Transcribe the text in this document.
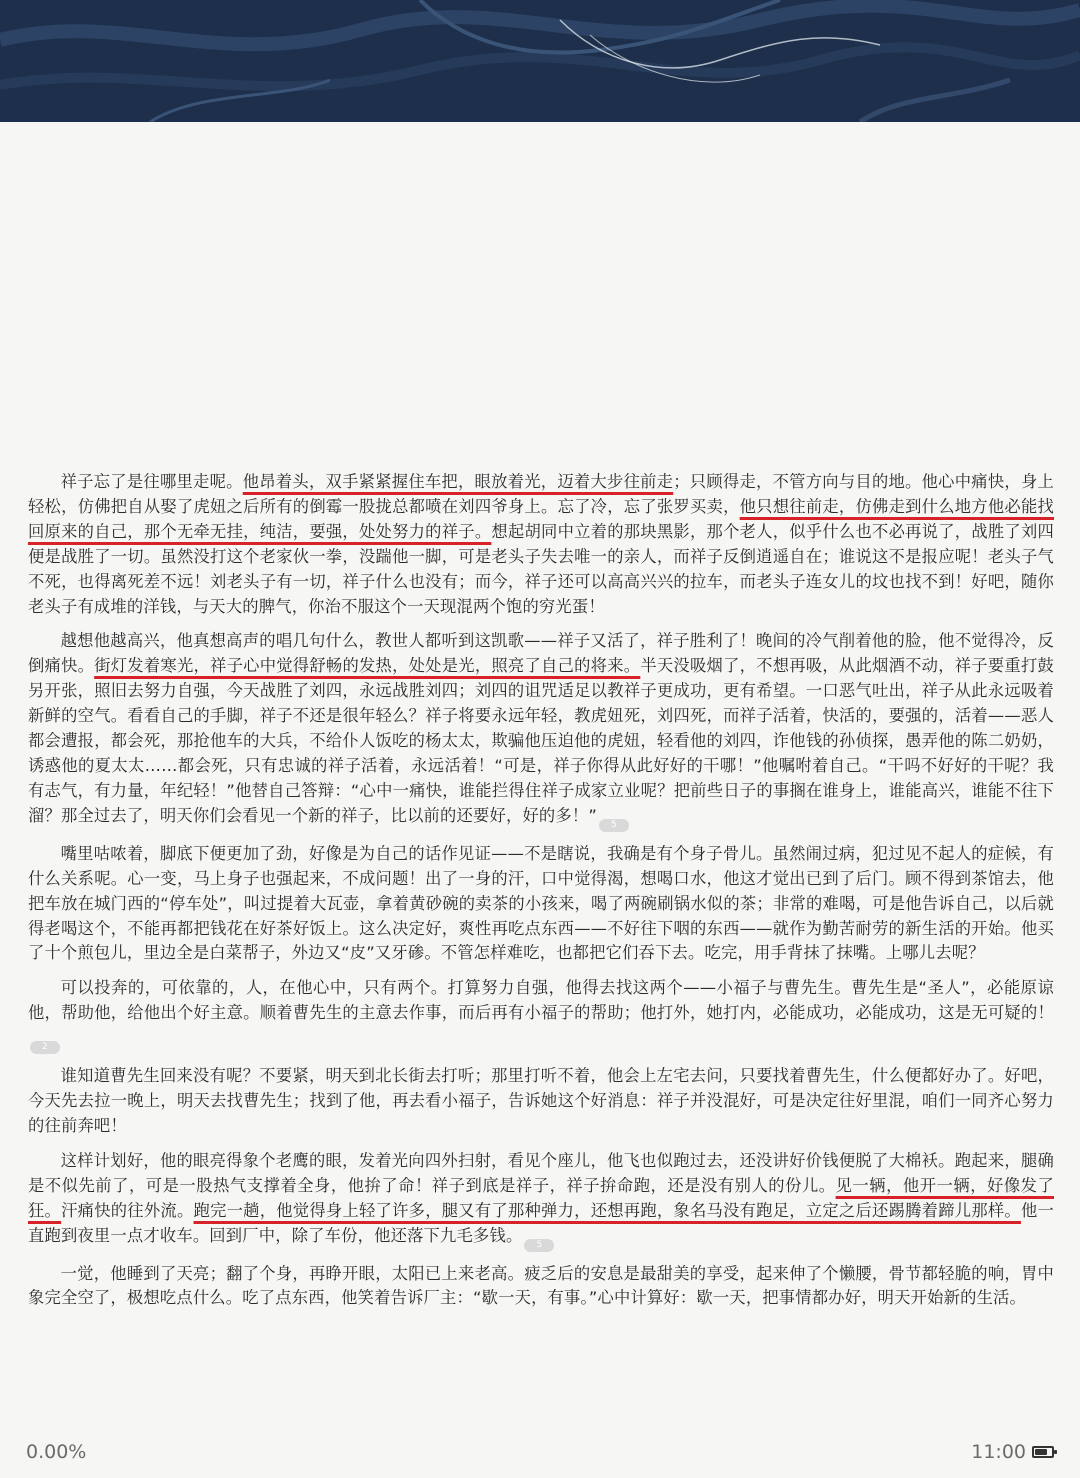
祥子忘了是往哪里走呢。他昂着头，双手紧紧握住车把，眼放着光，迈着大步往前走；只顾得走，不管方向与目的地。他心中痛快，身上轻松，仿佛把自从娶了虎妞之后所有的倒霉一股拢总都喷在刘四爷身上。忘了冷，忘了张罗买卖，他只想往前走，仿佛走到什么地方他必能找回原来的自己，那个无牵无挂，纯洁，要强，处处努力的祥子。想起胡同中立着的那块黑影，那个老人，似乎什么也不必再说了，战胜了刘四便是战胜了一切。虽然没打这个老家伙一拳，没踹他一脚，可是老头子失去唯一的亲人，而祥子反倒逍遥自在；谁说这不是报应呢！老头子气不死，也得离死差不远！刘老头子有一切，祥子什么也没有；而今，祥子还可以高高兴兴的拉车，而老头子连女儿的坟也找不到！好吧，随你老头子有成堆的洋钱，与天大的脾气，你治不服这个一天现混两个饱的穷光蛋！

越想他越高兴，他真想高声的唱几句什么，教世人都听到这凯歌——祥子又活了，祥子胜利了！晚间的冷气削着他的脸，他不觉得冷，反倒痛快。街灯发着寒光，祥子心中觉得舒畅的发热，处处是光，照亮了自己的将来。半天没吸烟了，不想再吸，从此烟酒不动，祥子要重打鼓另开张，照旧去努力自强，今天战胜了刘四，永远战胜刘四；刘四的诅咒适足以教祥子更成功，更有希望。一口恶气吐出，祥子从此永远吸着新鲜的空气。看看自己的手脚，祥子不还是很年轻么？祥子将要永远年轻，教虎妞死，刘四死，而祥子活着，快活的，要强的，活着——恶人都会遭报，都会死，那抢他车的大兵，不给仆人饭吃的杨太太，欺骗他压迫他的虎妞，轻看他的刘四，诈他钱的孙侦探，愚弄他的陈二奶奶，诱惑他的夏太太……都会死，只有忠诚的祥子活着，永远活着！“可是，祥子你得从此好好的干哪！”他嘱咐着自己。“干吗不好好的干呢？我有志气，有力量，年纪轻！”他替自己答辩：“心中一痛快，谁能拦得住祥子成家立业呢？把前些日子的事搁在谁身上，谁能高兴，谁能不往下溜？那全过去了，明天你们会看见一个新的祥子，比以前的还要好，好的多！” 5

嘴里咕哝着，脚底下便更加了劲，好像是为自己的话作见证——不是瞎说，我确是有个身子骨儿。虽然闹过病，犯过见不起人的症候，有什么关系呢。心一变，马上身子也强起来，不成问题！出了一身的汗，口中觉得渴，想喝口水，他这才觉出已到了后门。顾不得到茶馆去，他把车放在城门西的“停车处”，叫过提着大瓦壶，拿着黄砂碗的卖茶的小孩来，喝了两碗刷锅水似的茶；非常的难喝，可是他告诉自己，以后就得老喝这个，不能再都把钱花在好茶好饭上。这么决定好，爽性再吃点东西——不好往下咽的东西——就作为勤苦耐劳的新生活的开始。他买了十个煎包儿，里边全是白菜帮子，外边又“皮”又牙碜。不管怎样难吃，也都把它们吞下去。吃完，用手背抹了抹嘴。上哪儿去呢？

可以投奔的，可依靠的，人，在他心中，只有两个。打算努力自强，他得去找这两个——小福子与曹先生。曹先生是“圣人”，必能原谅他，帮助他，给他出个好主意。顺着曹先生的主意去作事，而后再有小福子的帮助；他打外，她打内，必能成功，必能成功，这是无可疑的！2

谁知道曹先生回来没有呢？不要紧，明天到北长街去打听；那里打听不着，他会上左宅去问，只要找着曹先生，什么便都好办了。好吧，今天先去拉一晚上，明天去找曹先生；找到了他，再去看小福子，告诉她这个好消息：祥子并没混好，可是决定往好里混，咱们一同齐心努力的往前奔吧！

这样计划好，他的眼亮得象个老鹰的眼，发着光向四外扫射，看见个座儿，他飞也似跑过去，还没讲好价钱便脱了大棉袄。跑起来，腿确是不似先前了，可是一股热气支撑着全身，他拚了命！祥子到底是祥子，祥子拚命跑，还是没有别人的份儿。见一辆，他开一辆，好像发了狂。汗痛快的往外流。跑完一趟，他觉得身上轻了许多，腿又有了那种弹力，还想再跑，象名马没有跑足，立定之后还踢腾着蹄儿那样。他一直跑到夜里一点才收车。回到厂中，除了车份，他还落下九毛多钱。 5

一觉，他睡到了天亮；翻了个身，再睁开眼，太阳已上来老高。疲乏后的安息是最甜美的享受，起来伸了个懒腰，骨节都轻脆的响，胃中象完全空了，极想吃点什么。吃了点东西，他笑着告诉厂主：“歇一天，有事。”心中计算好：歇一天，把事情都办好，明天开始新的生活。

0.00%	11:00
